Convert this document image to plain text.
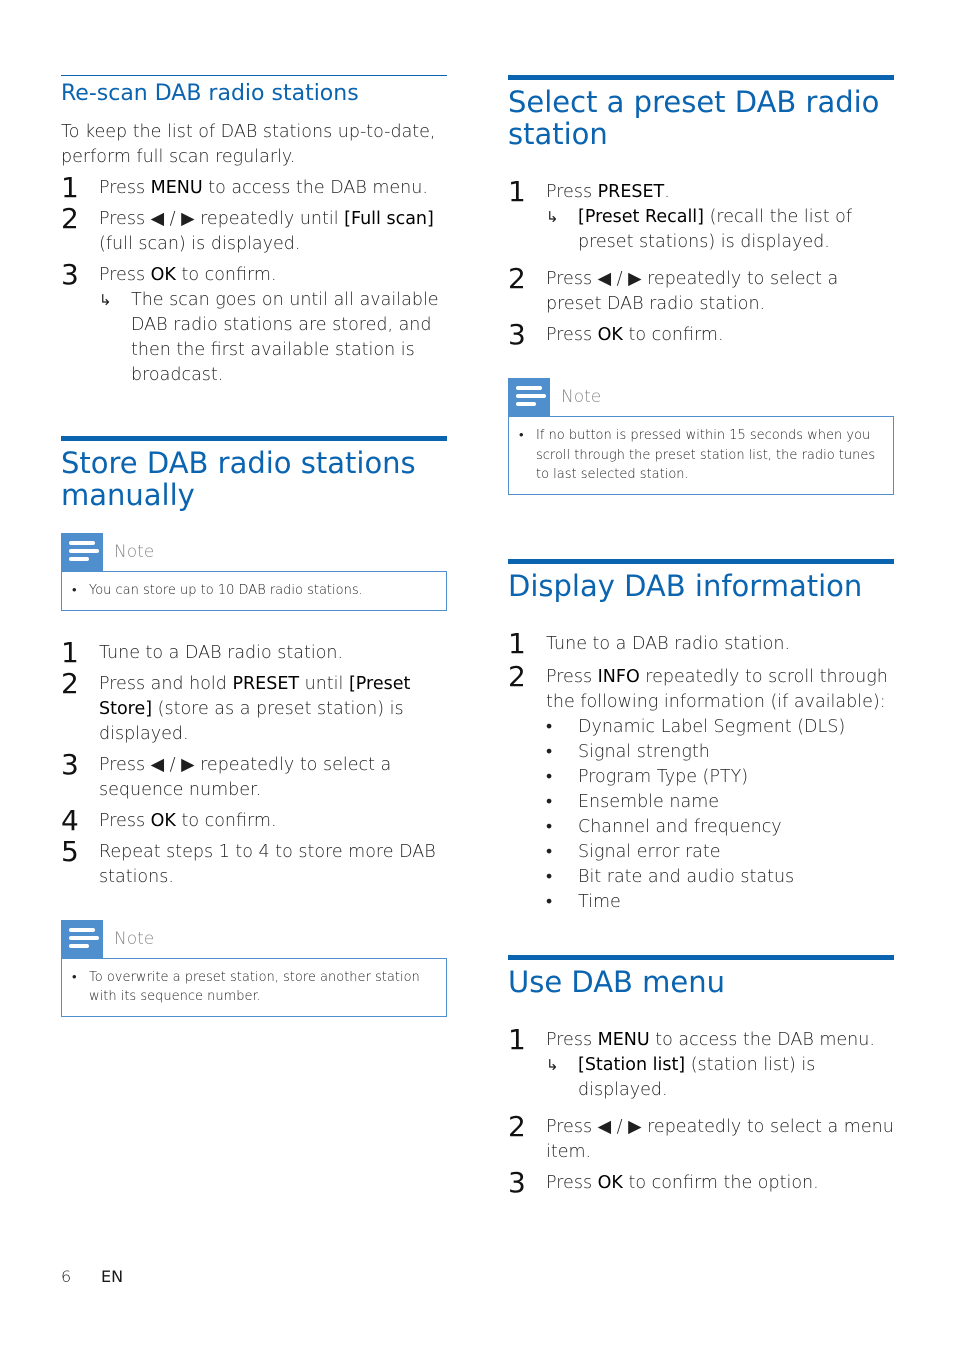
Re-scan DAB radio stations

To keep the list of DAB stations up-to-date, perform full scan regularly.

1 Press MENU to access the DAB menu.
2 Press ◀ / ▶ repeatedly until [Full scan] (full scan) is displayed.
3 Press OK to confirm.
↳ The scan goes on until all available DAB radio stations are stored, and then the first available station is broadcast.
Store DAB radio stations manually
Note
• You can store up to 10 DAB radio stations.
1 Tune to a DAB radio station.
2 Press and hold PRESET until [Preset Store] (store as a preset station) is displayed.
3 Press ◀ / ▶ repeatedly to select a sequence number.
4 Press OK to confirm.
5 Repeat steps 1 to 4 to store more DAB stations.
Note
• To overwrite a preset station, store another station with its sequence number.
Select a preset DAB radio station
1 Press PRESET.
↳ [Preset Recall] (recall the list of preset stations) is displayed.
2 Press ◀ / ▶ repeatedly to select a preset DAB radio station.
3 Press OK to confirm.
Note
• If no button is pressed within 15 seconds when you scroll through the preset station list, the radio tunes to last selected station.
Display DAB information
1 Tune to a DAB radio station.
2 Press INFO repeatedly to scroll through the following information (if available):
• Dynamic Label Segment (DLS)
• Signal strength
• Program Type (PTY)
• Ensemble name
• Channel and frequency
• Signal error rate
• Bit rate and audio status
• Time
Use DAB menu
1 Press MENU to access the DAB menu.
↳ [Station list] (station list) is displayed.
2 Press ◀ / ▶ repeatedly to select a menu item.
3 Press OK to confirm the option.
6 EN
